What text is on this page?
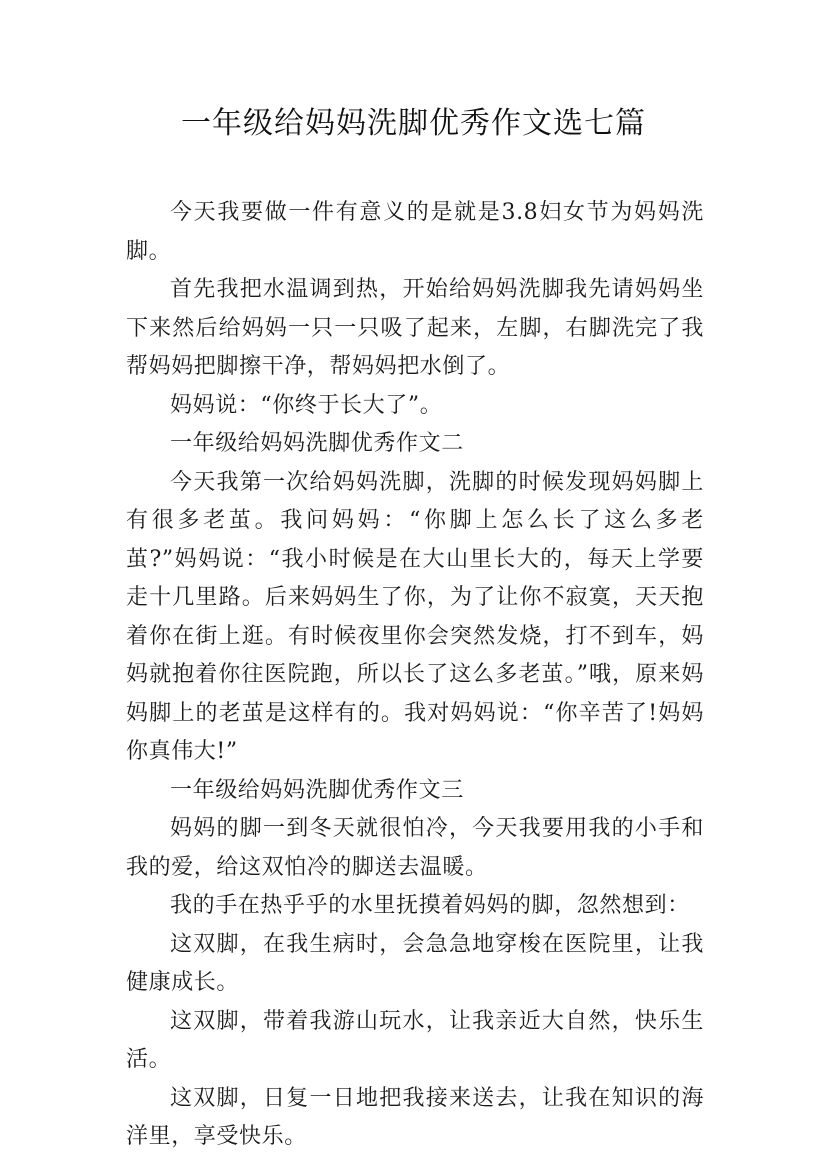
一年级给妈妈洗脚优秀作文选七篇

今天我要做一件有意义的是就是3.8妇女节为妈妈洗脚。

首先我把水温调到热，开始给妈妈洗脚我先请妈妈坐下来然后给妈妈一只一只吸了起来，左脚，右脚洗完了我帮妈妈把脚擦干净，帮妈妈把水倒了。

妈妈说：“你终于长大了”。

一年级给妈妈洗脚优秀作文二

今天我第一次给妈妈洗脚，洗脚的时候发现妈妈脚上有很多老茧。我问妈妈：“你脚上怎么长了这么多老茧?”妈妈说：“我小时候是在大山里长大的，每天上学要走十几里路。后来妈妈生了你，为了让你不寂寞，天天抱着你在街上逛。有时候夜里你会突然发烧，打不到车，妈妈就抱着你往医院跑，所以长了这么多老茧。”哦，原来妈妈脚上的老茧是这样有的。我对妈妈说：“你辛苦了!妈妈你真伟大!”

一年级给妈妈洗脚优秀作文三

妈妈的脚一到冬天就很怕冷，今天我要用我的小手和我的爱，给这双怕冷的脚送去温暖。

我的手在热乎乎的水里抚摸着妈妈的脚，忽然想到：

这双脚，在我生病时，会急急地穿梭在医院里，让我健康成长。

这双脚，带着我游山玩水，让我亲近大自然，快乐生活。

这双脚，日复一日地把我接来送去，让我在知识的海洋里，享受快乐。
